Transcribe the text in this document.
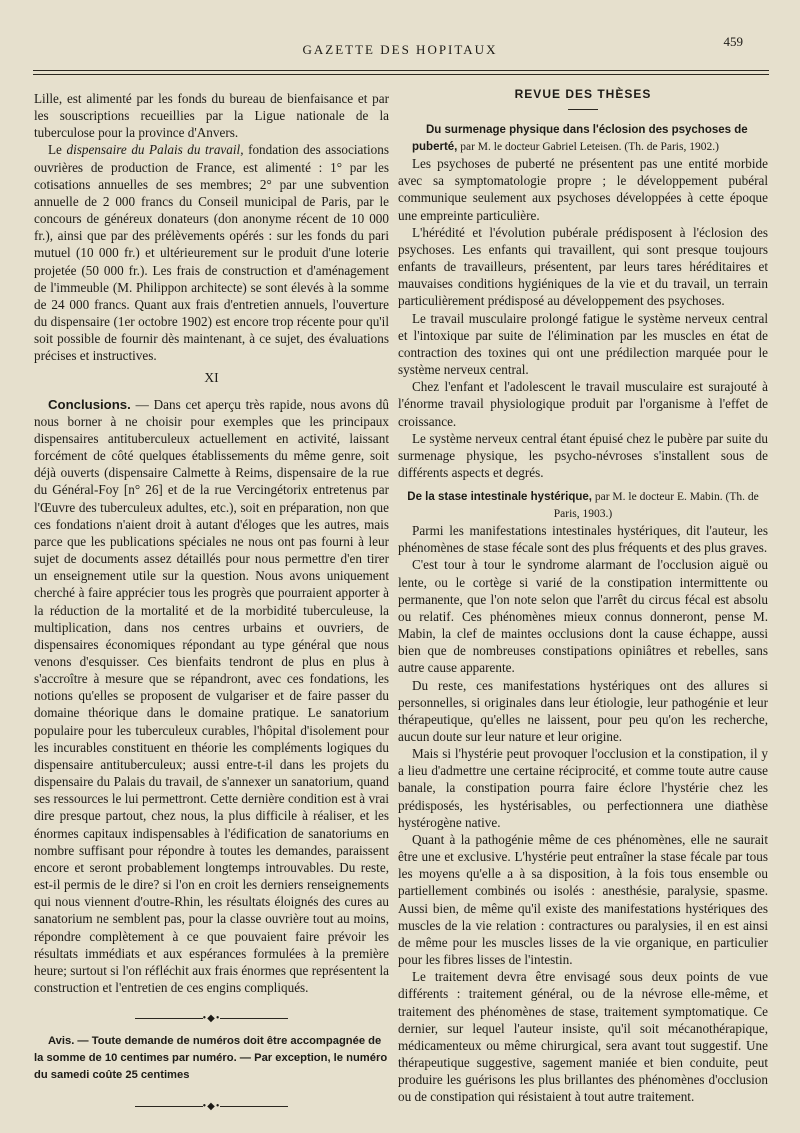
GAZETTE DES HOPITAUX
459

Lille, est alimenté par les fonds du bureau de bienfaisance et par les souscriptions recueillies par la Ligue nationale de la tuberculose pour la province d'Anvers.

Le dispensaire du Palais du travail, fondation des associations ouvrières de production de France, est alimenté : 1° par les cotisations annuelles de ses membres; 2° par une subvention annuelle de 2 000 francs du Conseil municipal de Paris, par le concours de généreux donateurs (don anonyme récent de 10 000 fr.), ainsi que par des prélèvements opérés : sur les fonds du pari mutuel (10 000 fr.) et ultérieurement sur le produit d'une loterie projetée (50 000 fr.). Les frais de construction et d'aménagement de l'immeuble (M. Philippon architecte) se sont élevés à la somme de 24 000 francs. Quant aux frais d'entretien annuels, l'ouverture du dispensaire (1er octobre 1902) est encore trop récente pour qu'il soit possible de fournir dès maintenant, à ce sujet, des évaluations précises et instructives.

XI

Conclusions. — Dans cet aperçu très rapide, nous avons dû nous borner à ne choisir pour exemples que les principaux dispensaires antituberculeux actuellement en activité, laissant forcément de côté quelques établissements du même genre, soit déjà ouverts (dispensaire Calmette à Reims, dispensaire de la rue du Général-Foy [n° 26] et de la rue Vercingétorix entretenus par l'Œuvre des tuberculeux adultes, etc.), soit en préparation, non que ces fondations n'aient droit à autant d'éloges que les autres, mais parce que les publications spéciales ne nous ont pas fourni à leur sujet de documents assez détaillés pour nous permettre d'en tirer un enseignement utile sur la question. Nous avons uniquement cherché à faire apprécier tous les progrès que pourraient apporter à la réduction de la mortalité et de la morbidité tuberculeuse, la multiplication, dans nos centres urbains et ouvriers, de dispensaires économiques répondant au type général que nous venons d'esquisser. Ces bienfaits tendront de plus en plus à s'accroître à mesure que se répandront, avec ces fondations, les notions qu'elles se proposent de vulgariser et de faire passer du domaine théorique dans le domaine pratique. Le sanatorium populaire pour les tuberculeux curables, l'hôpital d'isolement pour les incurables constituent en théorie les compléments logiques du dispensaire antituberculeux; aussi entre-t-il dans les projets du dispensaire du Palais du travail, de s'annexer un sanatorium, quand ses ressources le lui permettront. Cette dernière condition est à vrai dire presque partout, chez nous, la plus difficile à réaliser, et les énormes capitaux indispensables à l'édification de sanatoriums en nombre suffisant pour répondre à toutes les demandes, paraissent encore et seront probablement longtemps introuvables. Du reste, est-il permis de le dire? si l'on en croit les derniers renseignements qui nous viennent d'outre-Rhin, les résultats éloignés des cures au sanatorium ne semblent pas, pour la classe ouvrière tout au moins, répondre complètement à ce que pouvaient faire prévoir les résultats immédiats et aux espérances formulées à la première heure; surtout si l'on réfléchit aux frais énormes que représentent la construction et l'entretien de ces engins compliqués.

•◆•

Avis. — Toute demande de numéros doit être accompagnée de la somme de 10 centimes par numéro. — Par exception, le numéro du samedi coûte 25 centimes

•◆•
REVUE DES THÈSES

Du surmenage physique dans l'éclosion des psychoses de puberté, par M. le docteur Gabriel Leteisen. (Th. de Paris, 1902.)

Les psychoses de puberté ne présentent pas une entité morbide avec sa symptomatologie propre ; le développement pubéral communique seulement aux psychoses développées à cette époque une empreinte particulière.

L'hérédité et l'évolution pubérale prédisposent à l'éclosion des psychoses. Les enfants qui travaillent, qui sont presque toujours enfants de travailleurs, présentent, par leurs tares héréditaires et mauvaises conditions hygiéniques de la vie et du travail, un terrain particulièrement prédisposé au développement des psychoses.

Le travail musculaire prolongé fatigue le système nerveux central et l'intoxique par suite de l'élimination par les muscles en état de contraction des toxines qui ont une prédilection marquée pour le système nerveux central.

Chez l'enfant et l'adolescent le travail musculaire est surajouté à l'énorme travail physiologique produit par l'organisme à l'effet de croissance.

Le système nerveux central étant épuisé chez le pubère par suite du surmenage physique, les psycho-névroses s'installent sous de différents aspects et degrés.

De la stase intestinale hystérique, par M. le docteur E. Mabin. (Th. de Paris, 1903.)

Parmi les manifestations intestinales hystériques, dit l'auteur, les phénomènes de stase fécale sont des plus fréquents et des plus graves.

C'est tour à tour le syndrome alarmant de l'occlusion aiguë ou lente, ou le cortège si varié de la constipation intermittente ou permanente, que l'on note selon que l'arrêt du circus fécal est absolu ou relatif. Ces phénomènes mieux connus donneront, pense M. Mabin, la clef de maintes occlusions dont la cause échappe, aussi bien que de nombreuses constipations opiniâtres et rebelles, sans autre cause apparente.

Du reste, ces manifestations hystériques ont des allures si personnelles, si originales dans leur étiologie, leur pathogénie et leur thérapeutique, qu'elles ne laissent, pour peu qu'on les recherche, aucun doute sur leur nature et leur origine.

Mais si l'hystérie peut provoquer l'occlusion et la constipation, il y a lieu d'admettre une certaine réciprocité, et comme toute autre cause banale, la constipation pourra faire éclore l'hystérie chez les prédisposés, les hystérisables, ou perfectionnera une diathèse hystérogène native.

Quant à la pathogénie même de ces phénomènes, elle ne saurait être une et exclusive. L'hystérie peut entraîner la stase fécale par tous les moyens qu'elle a à sa disposition, à la fois tous ensemble ou partiellement combinés ou isolés : anesthésie, paralysie, spasme. Aussi bien, de même qu'il existe des manifestations hystériques des muscles de la vie relation : contractures ou paralysies, il en est ainsi de même pour les muscles lisses de la vie organique, en particulier pour les fibres lisses de l'intestin.

Le traitement devra être envisagé sous deux points de vue différents : traitement général, ou de la névrose elle-même, et traitement des phénomènes de stase, traitement symptomatique. Ce dernier, sur lequel l'auteur insiste, qu'il soit mécanothérapique, médicamenteux ou même chirurgical, sera avant tout suggestif. Une thérapeutique suggestive, sagement maniée et bien conduite, peut produire les guérisons les plus brillantes des phénomènes d'occlusion ou de constipation qui résistaient à tout autre traitement.
